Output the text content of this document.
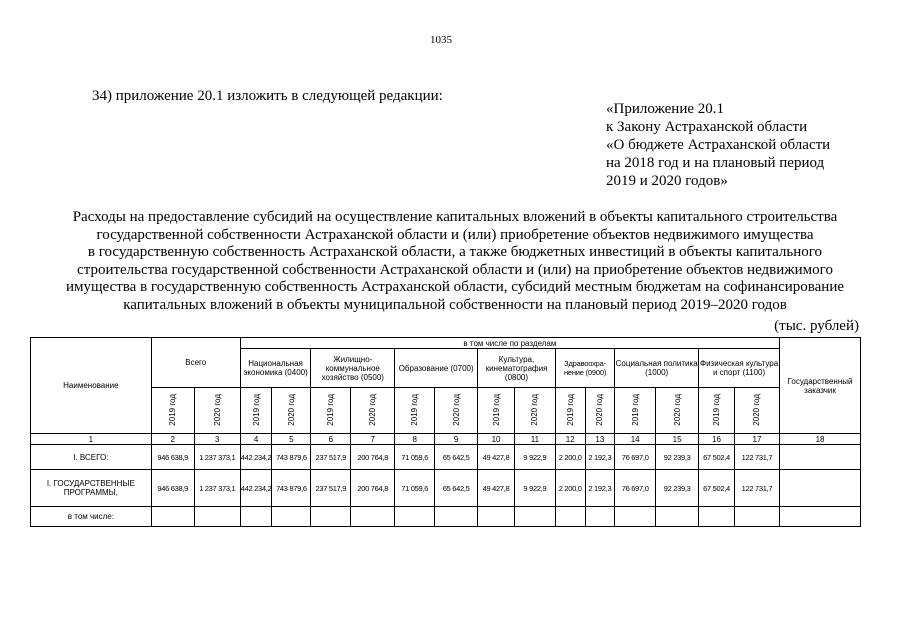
1035
34) приложение 20.1 изложить в следующей редакции:
«Приложение 20.1
к Закону Астраханской области
«О бюджете Астраханской области
на 2018 год и на плановый период
2019 и 2020 годов»
Расходы на предоставление субсидий на осуществление капитальных вложений в объекты капитального строительства
государственной собственности Астраханской области и (или) приобретение объектов недвижимого имущества
в государственную собственность Астраханской области, а также бюджетных инвестиций в объекты капитального
строительства государственной собственности Астраханской области и (или) на приобретение объектов недвижимого
имущества в государственную собственность Астраханской области, субсидий местным бюджетам на софинансирование
капитальных вложений в объекты муниципальной собственности на плановый период 2019–2020 годов
(тыс. рублей)
Наименование	Всего		в том числе по разделам														Государственный заказчик
			Национальная экономика (0400)		Жилищно-коммунальное хозяйство (0500)		Образование (0700)		Культура, кинематография (0800)		Здравоохра-нение (0900)		Социальная политика (1000)		Физическая культура и спорт (1100)		
	2019 год	2020 год	2019 год	2020 год	2019 год	2020 год	2019 год	2020 год	2019 год	2020 год	2019 год	2020 год	2019 год	2020 год	2019 год	2020 год	
1	2	3	4	5	6	7	8	9	10	11	12	13	14	15	16	17	18
I. ВСЕГО:	946 638,9	1 237 373,1	442 234,2	743 879,6	237 517,9	200 764,8	71 059,6	65 642,5	49 427,8	9 922,9	2 200,0	2 192,3	76 697,0	92 239,3	67 502,4	122 731,7	
I. ГОСУДАРСТВЕННЫЕ ПРОГРАММЫ,	946 638,9	1 237 373,1	442 234,2	743 879,6	237 517,9	200 764,8	71 059,6	65 642,5	49 427,8	9 922,9	2 200,0	2 192,3	76 697,0	92 239,3	67 502,4	122 731,7	
в том числе:																	
